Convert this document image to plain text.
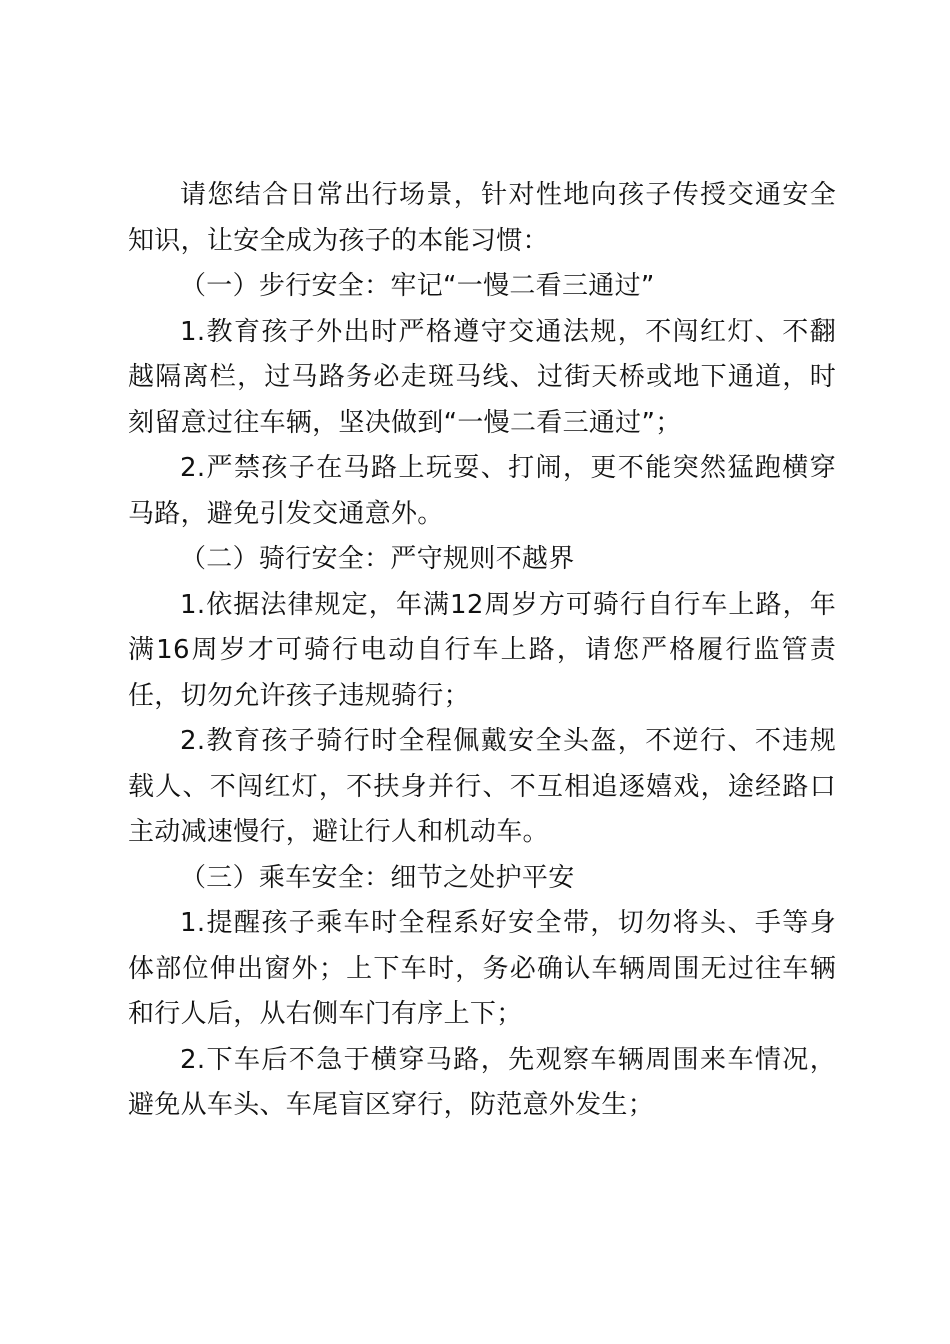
请您结合日常出行场景，针对性地向孩子传授交通安全知识，让安全成为孩子的本能习惯：

（一）步行安全：牢记“一慢二看三通过”

1.教育孩子外出时严格遵守交通法规，不闯红灯、不翻越隔离栏，过马路务必走斑马线、过街天桥或地下通道，时刻留意过往车辆，坚决做到“一慢二看三通过”；

2.严禁孩子在马路上玩耍、打闹，更不能突然猛跑横穿马路，避免引发交通意外。

（二）骑行安全：严守规则不越界

1.依据法律规定，年满12周岁方可骑行自行车上路，年满16周岁才可骑行电动自行车上路，请您严格履行监管责任，切勿允许孩子违规骑行；

2.教育孩子骑行时全程佩戴安全头盔，不逆行、不违规载人、不闯红灯，不扶身并行、不互相追逐嬉戏，途经路口主动减速慢行，避让行人和机动车。

（三）乘车安全：细节之处护平安

1.提醒孩子乘车时全程系好安全带，切勿将头、手等身体部位伸出窗外；上下车时，务必确认车辆周围无过往车辆和行人后，从右侧车门有序上下；

2.下车后不急于横穿马路，先观察车辆周围来车情况，避免从车头、车尾盲区穿行，防范意外发生；
